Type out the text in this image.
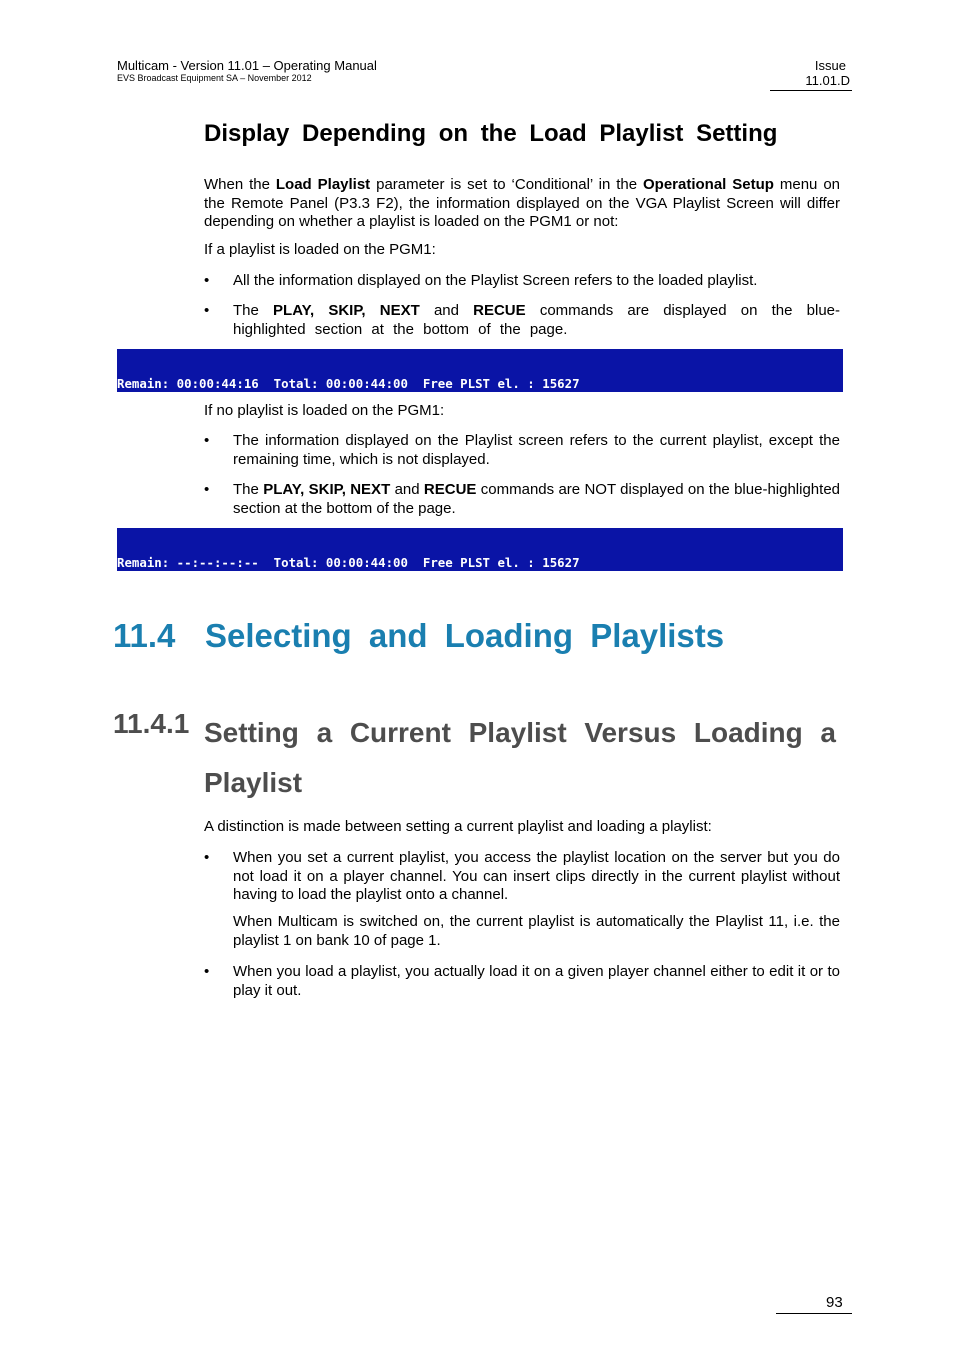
Multicam - Version 11.01 – Operating Manual
EVS Broadcast Equipment SA – November 2012
Issue
11.01.D
Display Depending on the Load Playlist Setting
When the Load Playlist parameter is set to ‘Conditional’ in the Operational Setup menu on the Remote Panel (P3.3 F2), the information displayed on the VGA Playlist Screen will differ depending on whether a playlist is loaded on the PGM1 or not:
If a playlist is loaded on the PGM1:
• All the information displayed on the Playlist Screen refers to the loaded playlist.
• The PLAY, SKIP, NEXT and RECUE commands are displayed on the blue-highlighted section at the bottom of the page.

Remain: 00:00:44:16 Total: 00:00:44:00 Free PLST el. : 15627

If no playlist is loaded on the PGM1:
• The information displayed on the Playlist screen refers to the current playlist, except the remaining time, which is not displayed.
• The PLAY, SKIP, NEXT and RECUE commands are NOT displayed on the blue-highlighted section at the bottom of the page.

Remain: --:--:--:-- Total: 00:00:44:00 Free PLST el. : 15627

11.4 Selecting and Loading Playlists
11.4.1 Setting a Current Playlist Versus Loading a Playlist
A distinction is made between setting a current playlist and loading a playlist:
• When you set a current playlist, you access the playlist location on the server but you do not load it on a player channel. You can insert clips directly in the current playlist without having to load the playlist onto a channel.
When Multicam is switched on, the current playlist is automatically the Playlist 11, i.e. the playlist 1 on bank 10 of page 1.
• When you load a playlist, you actually load it on a given player channel either to edit it or to play it out.
93
